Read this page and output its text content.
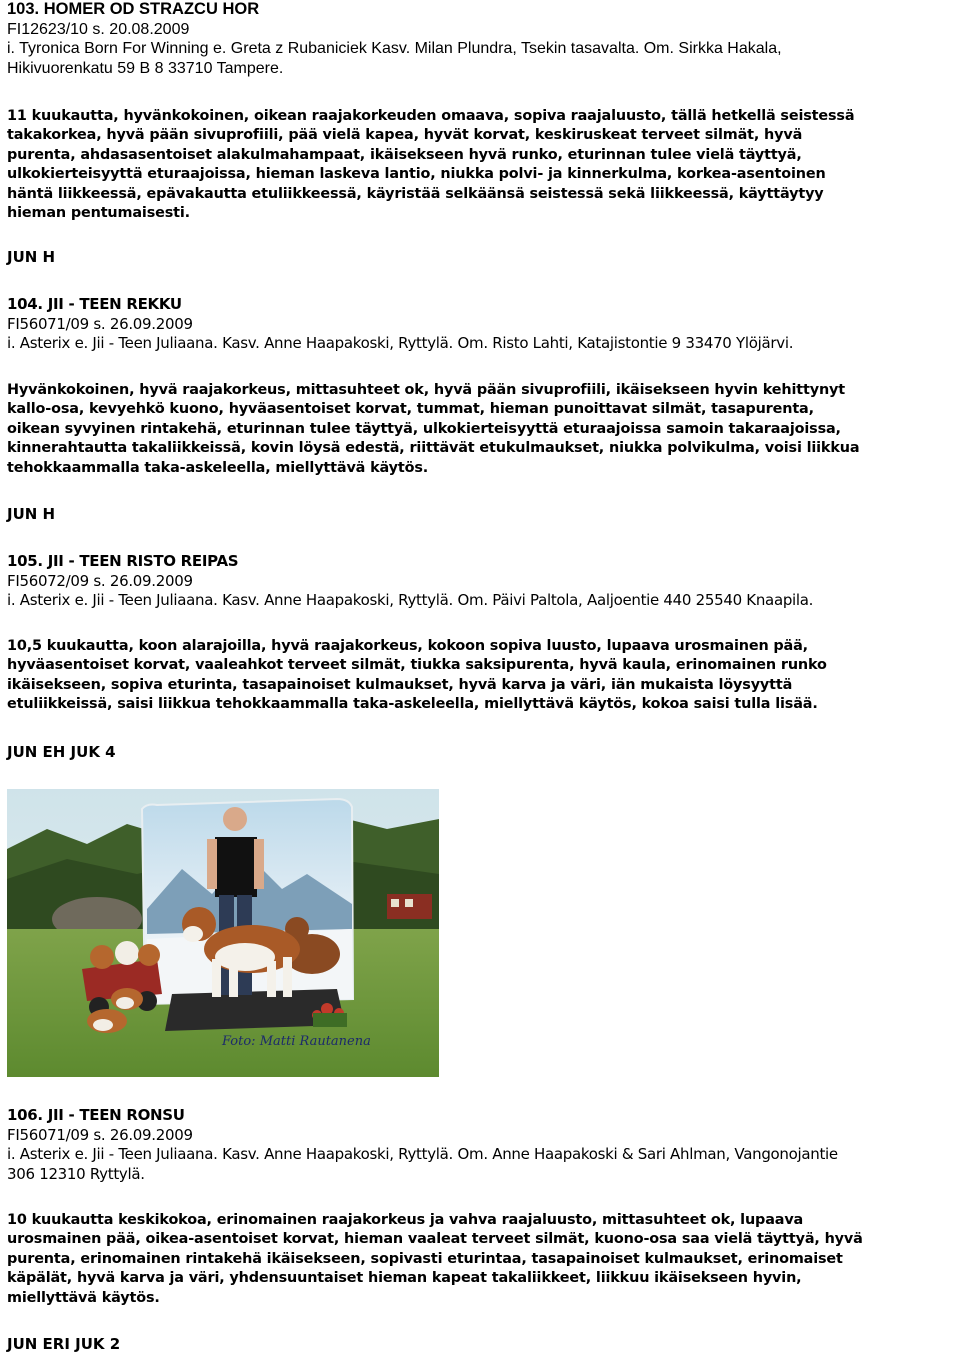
103. HOMER OD STRAZCU HOR

FI12623/10 s. 20.08.2009

i. Tyronica Born For Winning e. Greta z Rubaniciek Kasv. Milan Plundra, Tsekin tasavalta. Om. Sirkka Hakala,

Hikivuorenkatu 59 B 8 33710 Tampere.

11 kuukautta, hyvänkokoinen, oikean raajakorkeuden omaava, sopiva raajaluusto, tällä hetkellä seistessä
takakorkea, hyvä pään sivuprofiili, pää vielä kapea, hyvät korvat, keskiruskeat terveet silmät, hyvä
purenta, ahdasasentoiset alakulmahampaat, ikäisekseen hyvä runko, eturinnan tulee vielä täyttyä,
ulkokierteisyyttä eturaajoissa, hieman laskeva lantio, niukka polvi- ja kinnerkulma, korkea-asentoinen
häntä liikkeessä, epävakautta etuliikkeessä, käyristää selkäänsä seistessä sekä liikkeessä, käyttäytyy
hieman pentumaisesti.

JUN H

104. JII - TEEN REKKU

FI56071/09 s. 26.09.2009

i. Asterix e. Jii - Teen Juliaana. Kasv. Anne Haapakoski, Ryttylä. Om. Risto Lahti, Katajistontie 9 33470 Ylöjärvi.

Hyvänkokoinen, hyvä raajakorkeus, mittasuhteet ok, hyvä pään sivuprofiili, ikäisekseen hyvin kehittynyt
kallo-osa, kevyehkö kuono, hyväasentoiset korvat, tummat, hieman punoittavat silmät, tasapurenta,
oikean syvyinen rintakehä, eturinnan tulee täyttyä, ulkokierteisyyttä eturaajoissa samoin takaraajoissa,
kinnerahtautta takaliikkeissä, kovin löysä edestä, riittävät etukulmaukset, niukka polvikulma, voisi liikkua
tehokkaammalla taka-askeleella, miellyttävä käytös.

JUN H

105. JII - TEEN RISTO REIPAS

FI56072/09 s. 26.09.2009

i. Asterix e. Jii - Teen Juliaana. Kasv. Anne Haapakoski, Ryttylä. Om. Päivi Paltola, Aaljoentie 440 25540 Knaapila.

10,5 kuukautta, koon alarajoilla, hyvä raajakorkeus, kokoon sopiva luusto, lupaava urosmainen pää,
hyväasentoiset korvat, vaaleahkot terveet silmät, tiukka saksipurenta, hyvä kaula, erinomainen runko
ikäisekseen, sopiva eturinta, tasapainoiset kulmaukset, hyvä karva ja väri, iän mukaista löysyyttä
etuliikkeissä, saisi liikkua tehokkaammalla taka-askeleella, miellyttävä käytös, kokoa saisi tulla lisää.

JUN EH JUK 4

Foto: Matti Rautanena

106. JII - TEEN RONSU

FI56071/09 s. 26.09.2009

i. Asterix e. Jii - Teen Juliaana. Kasv. Anne Haapakoski, Ryttylä. Om. Anne Haapakoski & Sari Ahlman, Vangonojantie

306 12310 Ryttylä.

10 kuukautta keskikokoa, erinomainen raajakorkeus ja vahva raajaluusto, mittasuhteet ok, lupaava
urosmainen pää, oikea-asentoiset korvat, hieman vaaleat terveet silmät, kuono-osa saa vielä täyttyä, hyvä
purenta, erinomainen rintakehä ikäisekseen, sopivasti eturintaa, tasapainoiset kulmaukset, erinomaiset
käpälät, hyvä karva ja väri, yhdensuuntaiset hieman kapeat takaliikkeet, liikkuu ikäisekseen hyvin,
miellyttävä käytös.

JUN ERI JUK 2
